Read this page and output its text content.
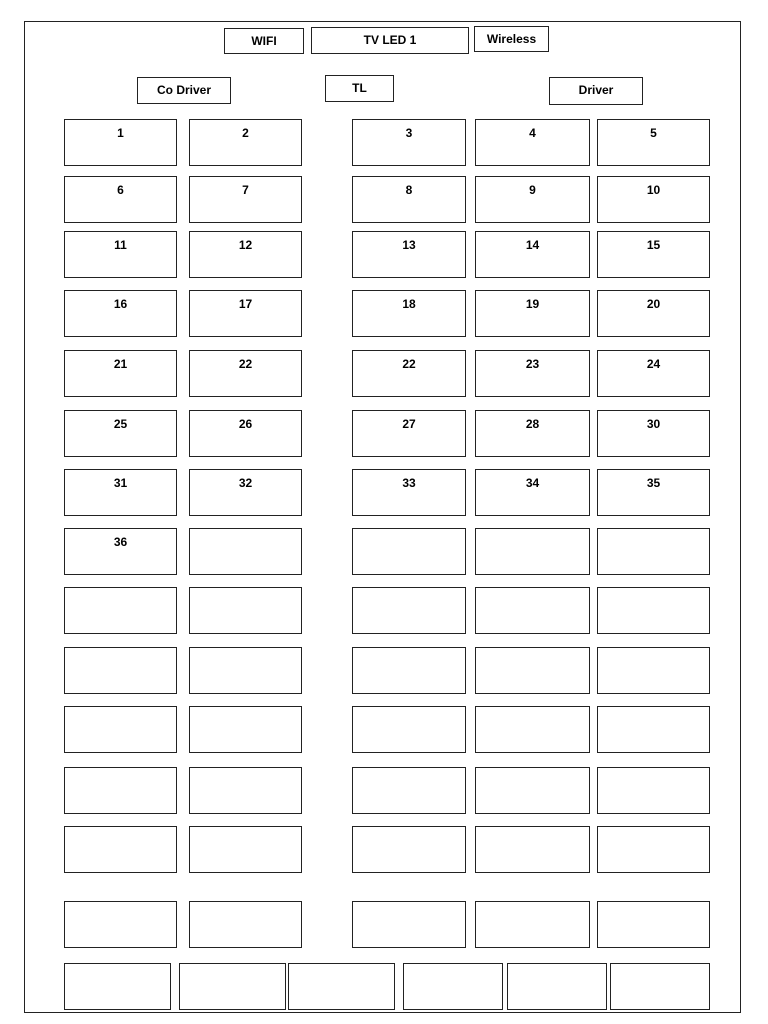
WIFI	TV LED 1	Wireless
Co Driver	TL	Driver
1	2	3	4	5
6	7	8	9	10
11	12	13	14	15
16	17	18	19	20
21	22	22	23	24
25	26	27	28	30
31	32	33	34	35
36
